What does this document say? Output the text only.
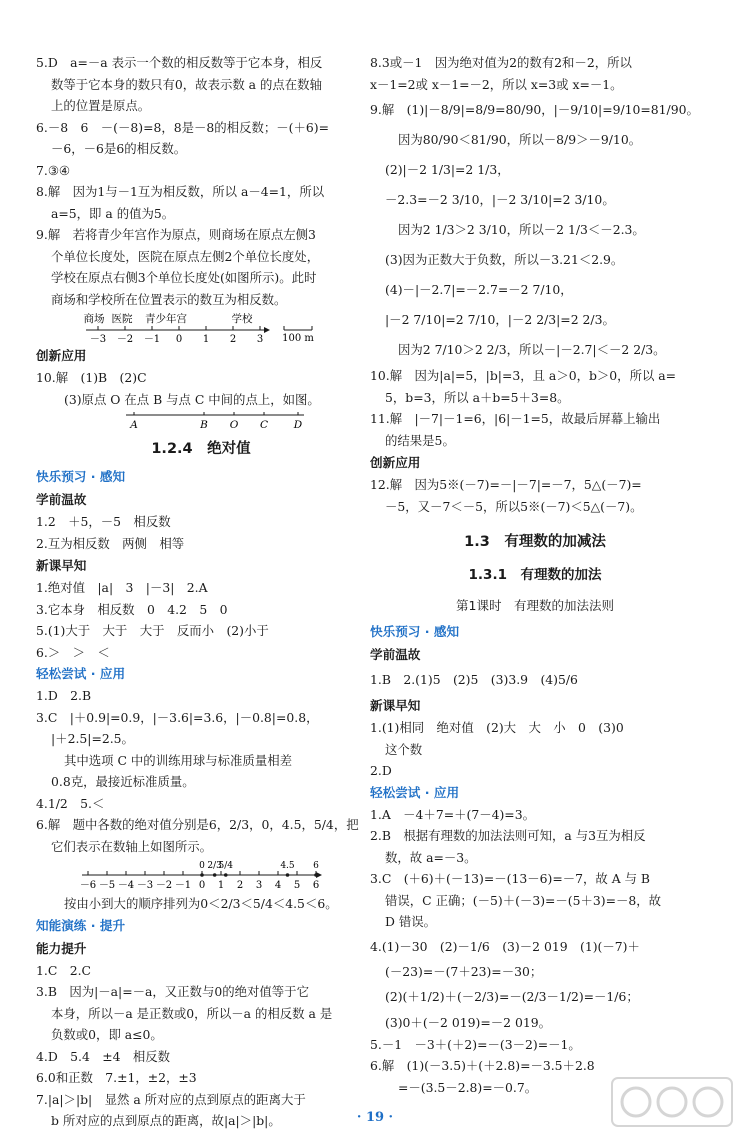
5.D　a=－a 表示一个数的相反数等于它本身，相反
数等于它本身的数只有0，故表示数 a 的点在数轴
上的位置是原点。
6.－8　6　－(－8)=8，8是－8的相反数；－(＋6)=
－6，－6是6的相反数。
7.③④
8.解　因为1与－1互为相反数，所以 a－4=1，所以
a=5，即 a 的值为5。
9.解　若将青少年宫作为原点，则商场在原点左侧3
个单位长度处，医院在原点左侧2个单位长度处，
学校在原点右侧3个单位长度处(如图所示)。此时
商场和学校所在位置表示的数互为相反数。
商场 医院 青少年宫	学校
－3 －2 －1 0 1 2 3 100 m
创新应用
10.解　(1)B　(2)C
(3)原点 O 在点 B 与点 C 中间的点上，如图。
A	B O C D
1.2.4　绝对值
快乐预习 · 感知
学前温故
1.2　＋5，－5　相反数
2.互为相反数　两侧　相等
新课早知
1.绝对值　|a|　3　|－3|　2.A
3.它本身　相反数　0　4.2　5　0
5.(1)大于　大于　大于　反而小　(2)小于
6.＞　＞　＜
轻松尝试 · 应用
1.D　2.B
3.C　|＋0.9|=0.9，|－3.6|=3.6，|－0.8|=0.8，
|＋2.5|=2.5。
其中选项 C 中的训练用球与标准质量相差
0.8克，最接近标准质量。
4.1/2　5.＜
6.解　题中各数的绝对值分别是6，2/3，0，4.5，5/4，把
它们表示在数轴上如图所示。
－6 －5 －4 －3 －2 －1 0 1 2 3 4 5 6
0 2/3
5/4	4.5 6
按由小到大的顺序排列为0＜2/3＜5/4＜4.5＜6。
知能演练 · 提升
能力提升
1.C　2.C
3.B　因为|－a|=－a，又正数与0的绝对值等于它
本身，所以－a 是正数或0，所以－a 的相反数 a 是
负数或0，即 a≤0。
4.D　5.4　±4　相反数
6.0和正数　7.±1，±2，±3
7.|a|＞|b|　显然 a 所对应的点到原点的距离大于
b 所对应的点到原点的距离，故|a|＞|b|。
8.3或－1　因为绝对值为2的数有2和－2，所以
x－1=2或 x－1=－2，所以 x=3或 x=－1。
9.解　(1)|－8/9|=8/9=80/90，|－9/10|=9/10=81/90。
因为80/90＜81/90，所以－8/9＞－9/10。
(2)|－2 1/3|=2 1/3，
－2.3=－2 3/10，|－2 3/10|=2 3/10。
因为2 1/3＞2 3/10，所以－2 1/3＜－2.3。
(3)因为正数大于负数，所以－3.21＜2.9。
(4)－|－2.7|=－2.7=－2 7/10，
|－2 7/10|=2 7/10，|－2 2/3|=2 2/3。
因为2 7/10＞2 2/3，所以－|－2.7|＜－2 2/3。
10.解　因为|a|=5，|b|=3，且 a＞0，b＞0，所以 a=
5，b=3，所以 a＋b=5＋3=8。
11.解　|－7|－1=6，|6|－1=5，故最后屏幕上输出
的结果是5。
创新应用
12.解　因为5※(－7)=－|－7|=－7，5△(－7)=
－5，又－7＜－5，所以5※(－7)＜5△(－7)。
1.3　有理数的加减法
1.3.1　有理数的加法
第1课时　有理数的加法法则
快乐预习 · 感知
学前温故
1.B　2.(1)5　(2)5　(3)3.9　(4)5/6
新课早知
1.(1)相同　绝对值　(2)大　大　小　0　(3)0
这个数
2.D
轻松尝试 · 应用
1.A　－4＋7=＋(7－4)=3。
2.B　根据有理数的加法法则可知，a 与3互为相反
数，故 a=－3。
3.C　(＋6)＋(－13)=－(13－6)=－7，故 A 与 B
错误，C 正确；(－5)＋(－3)=－(5＋3)=－8，故
D 错误。
4.(1)－30　(2)－1/6　(3)－2 019　(1)(－7)＋
(－23)=－(7＋23)=－30；
(2)(＋1/2)＋(－2/3)=－(2/3－1/2)=－1/6；
(3)0＋(－2 019)=－2 019。
5.－1　－3＋(＋2)=－(3－2)=－1。
6.解　(1)(－3.5)＋(＋2.8)=－3.5＋2.8
=－(3.5－2.8)=－0.7。
· 19 ·
